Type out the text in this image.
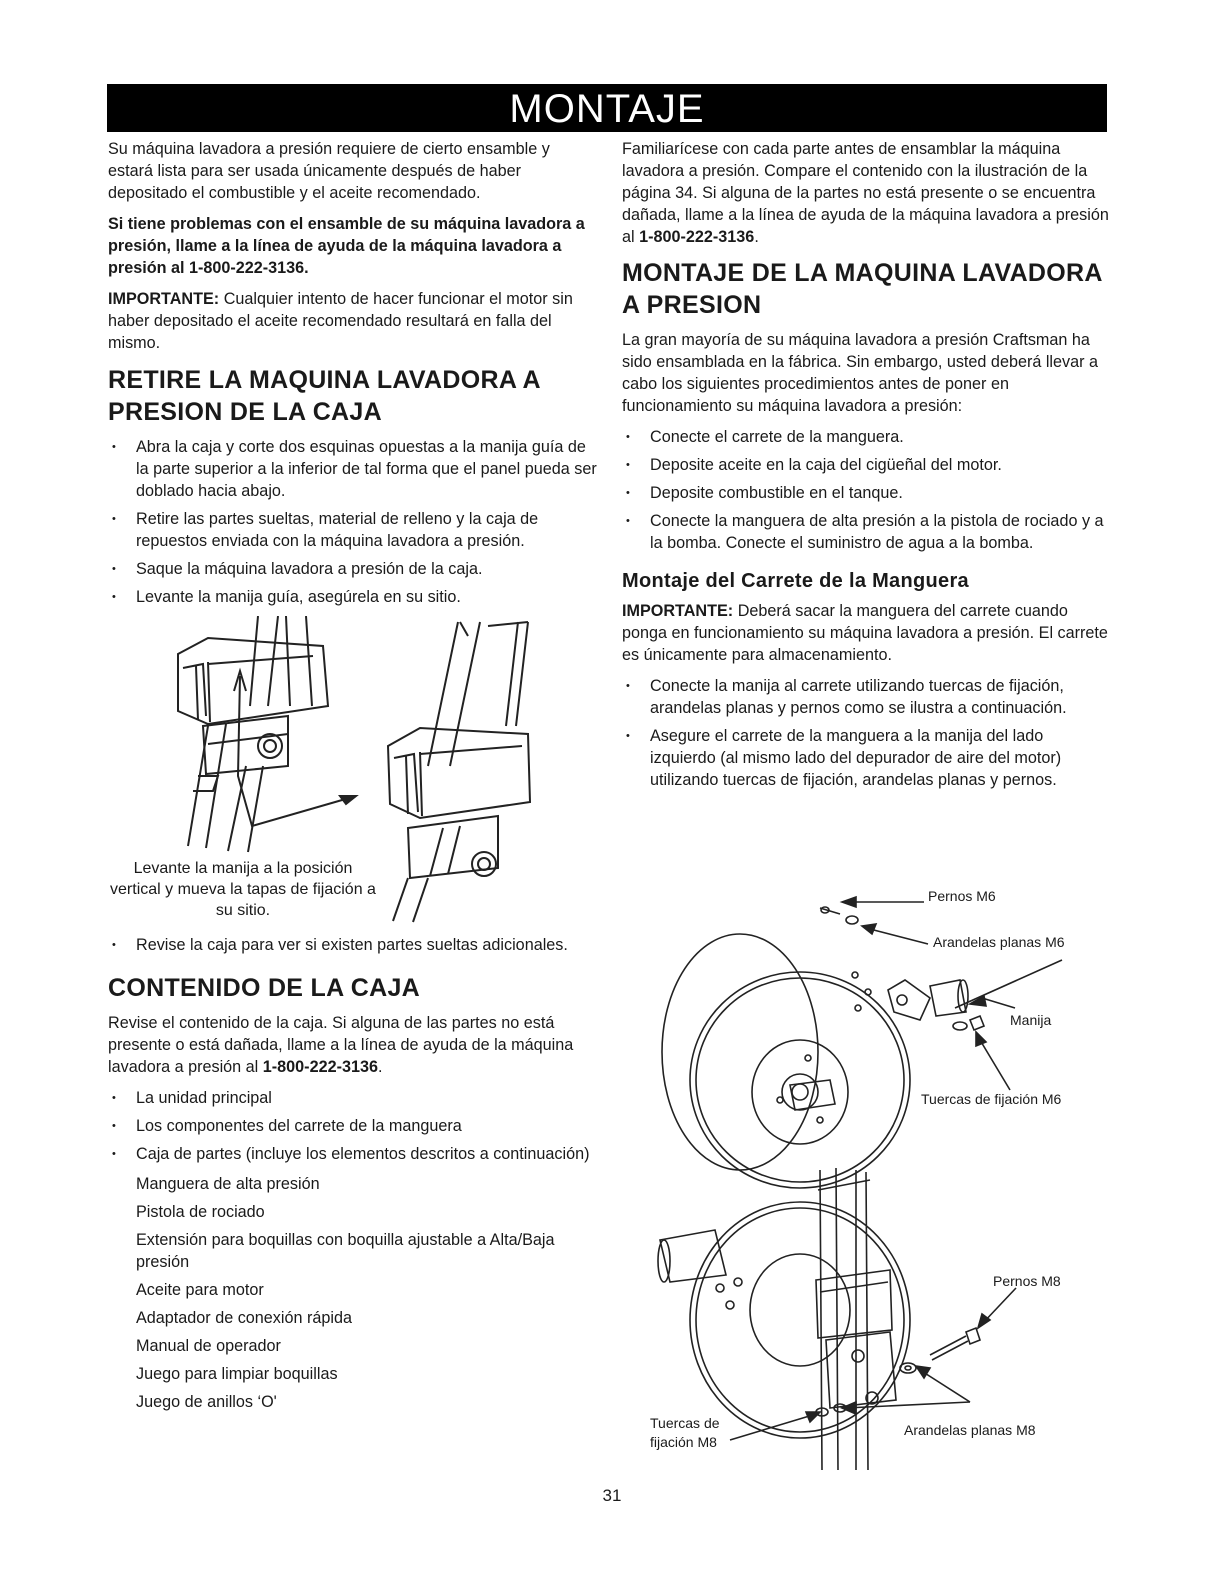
MONTAJE

Su máquina lavadora a presión requiere de cierto ensamble y estará lista para ser usada únicamente después de haber depositado el combustible y el aceite recomendado.

Si tiene problemas con el ensamble de su máquina lavadora a presión, llame a la línea de ayuda de la máquina lavadora a presión al 1-800-222-3136.

IMPORTANTE: Cualquier intento de hacer funcionar el motor sin haber depositado el aceite recomendado resultará en falla del mismo.

RETIRE LA MAQUINA LAVADORA A PRESION DE LA CAJA
• Abra la caja y corte dos esquinas opuestas a la manija guía de la parte superior a la inferior de tal forma que el panel pueda ser doblado hacia abajo.
• Retire las partes sueltas, material de relleno y la caja de repuestos enviada con la máquina lavadora a presión.
• Saque la máquina lavadora a presión de la caja.
• Levante la manija guía, asegúrela en su sitio.
Levante la manija a la posición vertical y mueva la tapas de fijación a su sitio.
• Revise la caja para ver si existen partes sueltas adicionales.
CONTENIDO DE LA CAJA

Revise el contenido de la caja. Si alguna de las partes no está presente o está dañada, llame a la línea de ayuda de la máquina lavadora a presión al 1-800-222-3136.

• La unidad principal
• Los componentes del carrete de la manguera
• Caja de partes (incluye los elementos descritos a continuación)
Manguera de alta presión
Pistola de rociado
Extensión para boquillas con boquilla ajustable a Alta/Baja presión
Aceite para motor
Adaptador de conexión rápida
Manual de operador
Juego para limpiar boquillas
Juego de anillos ‘O'

Familiarícese con cada parte antes de ensamblar la máquina lavadora a presión. Compare el contenido con la ilustración de la página 34. Si alguna de la partes no está presente o se encuentra dañada, llame a la línea de ayuda de la máquina lavadora a presión al 1-800-222-3136.

MONTAJE DE LA MAQUINA LAVADORA A PRESION

La gran mayoría de su máquina lavadora a presión Craftsman ha sido ensamblada en la fábrica. Sin embargo, usted deberá llevar a cabo los siguientes procedimientos antes de poner en funcionamiento su máquina lavadora a presión:

• Conecte el carrete de la manguera.
• Deposite aceite en la caja del cigüeñal del motor.
• Deposite combustible en el tanque.
• Conecte la manguera de alta presión a la pistola de rociado y a la bomba. Conecte el suministro de agua a la bomba.
Montaje del Carrete de la Manguera

IMPORTANTE: Deberá sacar la manguera del carrete cuando ponga en funcionamiento su máquina lavadora a presión. El carrete es únicamente para almacenamiento.

• Conecte la manija al carrete utilizando tuercas de fijación, arandelas planas y pernos como se ilustra a continuación.
• Asegure el carrete de la manguera a la manija del lado izquierdo (al mismo lado del depurador de aire del motor) utilizando tuercas de fijación, arandelas planas y pernos.
Pernos M6
Arandelas planas M6
Manija
Tuercas de fijación M6
Pernos M8
Tuercas de
fijación M8
Arandelas planas M8
31
